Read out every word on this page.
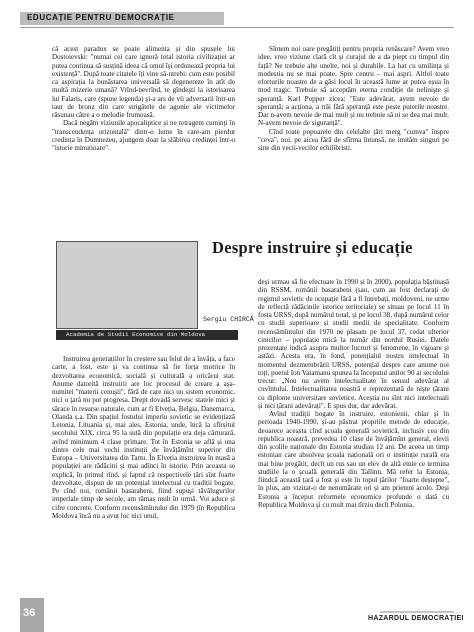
EDUCAȚIE PENTRU DEMOCRAȚIE

că acest paradox se poate alimenta și din spusele lui Dostoievski: "numai cei care ignoră total istoria civilizației ar putea continua să susțină ideea că omul își ordonează propria lui existență". După toate citatele îți vine să-ntrebi: cum este posibil ca aspirația la bunăstarea universală să degenereze în atît de multă mizerie umană? Vrînd-nevrînd, te gîndești la istorisarea lui Falaris, care (spune legenda) și-a ars de vii adversarii într-un taur de bronz din care strigătele de agonie ale victimelor răsunau către a o melodie frumoasă.

Dacă negăm viziunile apocaliptice și ne retragem cuminți în "transcendența orizontală" dintr-o lume în care-am pierdut credința în Dumnezeu, ajungem doar la slăbirea credinței într-o "istorie minutioare".

Sîntem noi oare pregătiți pentru propria renăscare? Avem vreo idee, vreo viziune clară cît și curajul de a da piept cu timpul din față? Ne trebuie alte unelte, noi și durabile. La hat cu umilința și modestia nu se mai poate. Spre centru – mai aspri. Altfel toate eforturile noastre de a găsi locul în această lume ar putea eșua în mod tragic. Trebuie să acceptăm eterna condiție de nelinişte și speranță. Karl Popper zicea: "Este adevărat, avem nevoie de speranță; a acționa, a trăi fără speranță este peste puterile noastre. Dar n-avem nevoie de mai mult și nu trebuie să ni se dea mai mult. N-avem nevoie de siguranță".

Cînd toate popoarele din celelalte țări merg "cumva" înspre "ceva", noi, pe aicea fără de sfîrma întunsă, ne imităm singuri pe sine din vecii-vecilor echilibristi.

Sergiu CHIRCĂ
Academia de Studii Economice din Moldova
Despre instruire și educație

Instruirea generațiilor în creștere sau felul de a învăța, a face carte, a fost, este și va continua să fie forța motrice în dezvoltarea economică, socială și culturală a oricărui stat. Anume datorită instruirii are loc procesul de creare a așa-numitei "materii cenușii", fără de care nici un sistem economic, nici o țară nu pot progresa. Drept dovadă servesc statele mici și sărace în resurse naturale, cum ar fi Elveția, Belgia, Danemarca, Olanda ș.a. Din spațiul fostului imperiu sovietic se evidențiază Letonia, Lituania și, mai ales, Estonia, unde, încă la sfîrșitul secolului XIX, circa 95 la sută din populație era deja cărturară, avînd minimum 4 clase primare. Tot în Estonia se află și una dintre cele mai vechi instituții de învățămînt superior din Europa – Universitatea din Tartu. În Elveția instruirea în masă a populației are rădăcini și mai adînci în istorie. Prin aceasta se explică, în primul rînd, și faptul că respectivele țări sînt foarte dezvoltate, dispun de un potențial intelectual cu tradiții bogate. Pe cînd noi, românii basarabeni, fiind supuși tăvălugurilor imperiale timp de secole, am rămas mult în urmă. Voi aduce și cifre concrete. Conform recensămîntului din 1979 (în Republica Moldova încă nu a avut loc nici unul,

deși urmau să fie efectuate în 1990 și în 2000), populația băștinașă din RSSM, românii basarabeni (sau, cum au fost declarați de regimul sovietic de ocupație fără a fi întrebați, moldoveni, ne urme de reflectă rădăcinile istorice teritoriale) se situau pe locul 11 în fosta URSS, după numărul total, și pe locul 38, după numărul celor cu studii superioare și studii medii de specialitate. Conform recensămîntului din 1970 ne plasam pe locul 37, cedat ulterior cinicilor – populație mică la număr din nordul Rusiei. Datele prezentate indică asupra multor lucruri și fenomene, în vigoare și astăzi. Acesta era, în fond, potențialul nostru intelectual în momentul dezmembrării URSS, potențial despre care anume noi toți, poetul Ion Vatamanu spunea la începutul anilor 90 ai secolului trecut: „Nou nu avem intelectualitate în sensul adevărat al cuvîntului. Intelectualitatea noastră e reprezentată de niște țărani cu diplome universitare sovietice. Aceștia nu sînt nici intelectuali și nici țărani adevărați". E spus dur, dar adevărat.

Avînd tradiții bogate în instruire, estonienii, chiar și în perioada 1940-1990, și-au păstrat propriile metode de educație, deoarece aceasta cînd școala generală sovietică, inclusiv cea din republica noastră, prevedea 10 clase de învățămînt general, elevii din școlile naționale din Estonia studiau 12 ani. De aceea un timp estonian care absolvea școala națională ori o instituție rurală era mai bine pregătit, decît un rus sau un elev de altă etnie ce termina studiile la o școală generală din Tallinn. Mă refer la Estonia, fiindcă această țară a fost și este în topul țărilor "foarte deștepte", în plus, am vizitat-o de nenumărate ori și am prieteni acolo. Deși Estonia a început reformele economice profunde o dată cu Republica Moldova și cu mult mai tîrziu decît Polonia,

36	HAZARDUL DEMOCRAȚIEI
